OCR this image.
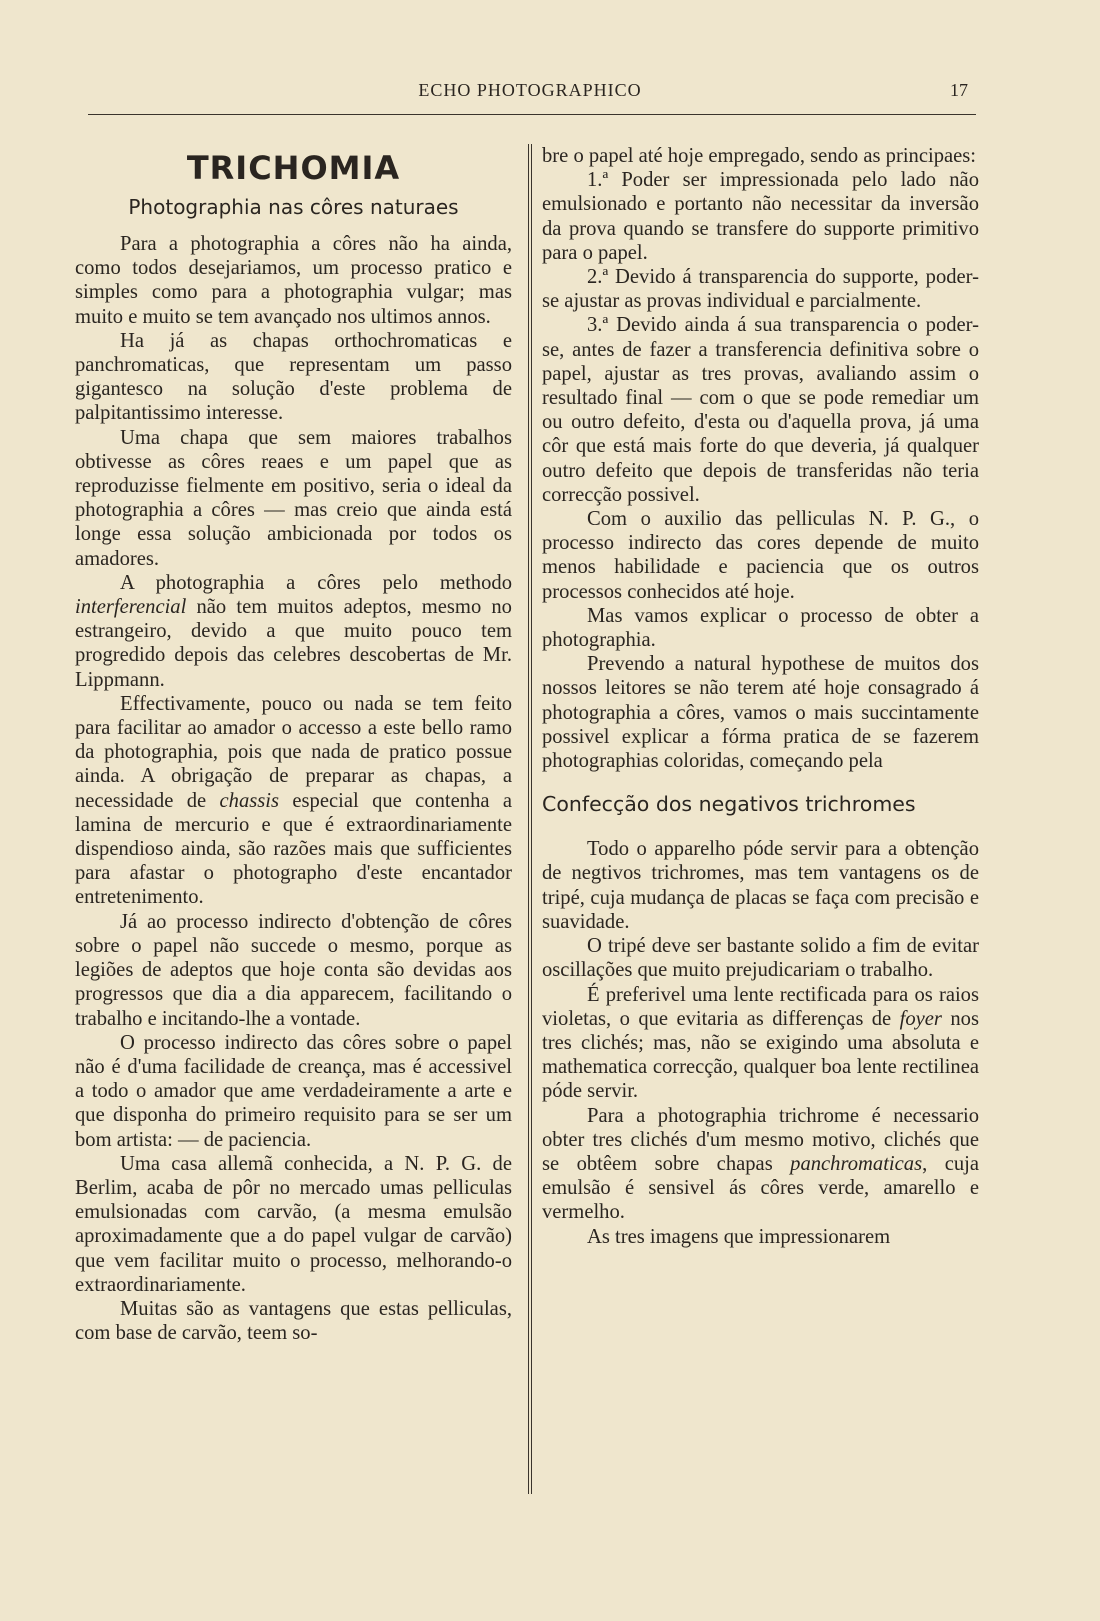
ECHO PHOTOGRAPHICO	17
TRICHOMIA
Photographia nas côres naturaes

Para a photographia a côres não ha ainda, como todos desejariamos, um processo pratico e simples como para a photographia vulgar; mas muito e muito se tem avançado nos ultimos annos.

Ha já as chapas orthochromaticas e panchromaticas, que representam um passo gigantesco na solução d'este problema de palpitantissimo interesse.

Uma chapa que sem maiores trabalhos obtivesse as côres reaes e um papel que as reproduzisse fielmente em positivo, seria o ideal da photographia a côres — mas creio que ainda está longe essa solução ambicionada por todos os amadores.

A photographia a côres pelo methodo interferencial não tem muitos adeptos, mesmo no estrangeiro, devido a que muito pouco tem progredido depois das celebres descobertas de Mr. Lippmann.

Effectivamente, pouco ou nada se tem feito para facilitar ao amador o accesso a este bello ramo da photographia, pois que nada de pratico possue ainda. A obrigação de preparar as chapas, a necessidade de chassis especial que contenha a lamina de mercurio e que é extraordinariamente dispendioso ainda, são razões mais que sufficientes para afastar o photographo d'este encantador entretenimento.

Já ao processo indirecto d'obtenção de côres sobre o papel não succede o mesmo, porque as legiões de adeptos que hoje conta são devidas aos progressos que dia a dia apparecem, facilitando o trabalho e incitando-lhe a vontade.

O processo indirecto das côres sobre o papel não é d'uma facilidade de creança, mas é accessivel a todo o amador que ame verdadeiramente a arte e que disponha do primeiro requisito para se ser um bom artista: — de paciencia.

Uma casa allemã conhecida, a N. P. G. de Berlim, acaba de pôr no mercado umas pelliculas emulsionadas com carvão, (a mesma emulsão aproximadamente que a do papel vulgar de carvão) que vem facilitar muito o processo, melhorando-o extraordinariamente.

Muitas são as vantagens que estas pelliculas, com base de carvão, teem so-

bre o papel até hoje empregado, sendo as principaes:

1.ª Poder ser impressionada pelo lado não emulsionado e portanto não necessitar da inversão da prova quando se transfere do supporte primitivo para o papel.

2.ª Devido á transparencia do supporte, poder-se ajustar as provas individual e parcialmente.

3.ª Devido ainda á sua transparencia o poder-se, antes de fazer a transferencia definitiva sobre o papel, ajustar as tres provas, avaliando assim o resultado final — com o que se pode remediar um ou outro defeito, d'esta ou d'aquella prova, já uma côr que está mais forte do que deveria, já qualquer outro defeito que depois de transferidas não teria correcção possivel.

Com o auxilio das pelliculas N. P. G., o processo indirecto das cores depende de muito menos habilidade e paciencia que os outros processos conhecidos até hoje.

Mas vamos explicar o processo de obter a photographia.

Prevendo a natural hypothese de muitos dos nossos leitores se não terem até hoje consagrado á photographia a côres, vamos o mais succintamente possivel explicar a fórma pratica de se fazerem photographias coloridas, começando pela

Confecção dos negativos trichromes

Todo o apparelho póde servir para a obtenção de negtivos trichromes, mas tem vantagens os de tripé, cuja mudança de placas se faça com precisão e suavidade.

O tripé deve ser bastante solido a fim de evitar oscillações que muito prejudicariam o trabalho.

É preferivel uma lente rectificada para os raios violetas, o que evitaria as differenças de foyer nos tres clichés; mas, não se exigindo uma absoluta e mathematica correcção, qualquer boa lente rectilinea póde servir.

Para a photographia trichrome é necessario obter tres clichés d'um mesmo motivo, clichés que se obtêem sobre chapas panchromaticas, cuja emulsão é sensivel ás côres verde, amarello e vermelho.

As tres imagens que impressionarem
